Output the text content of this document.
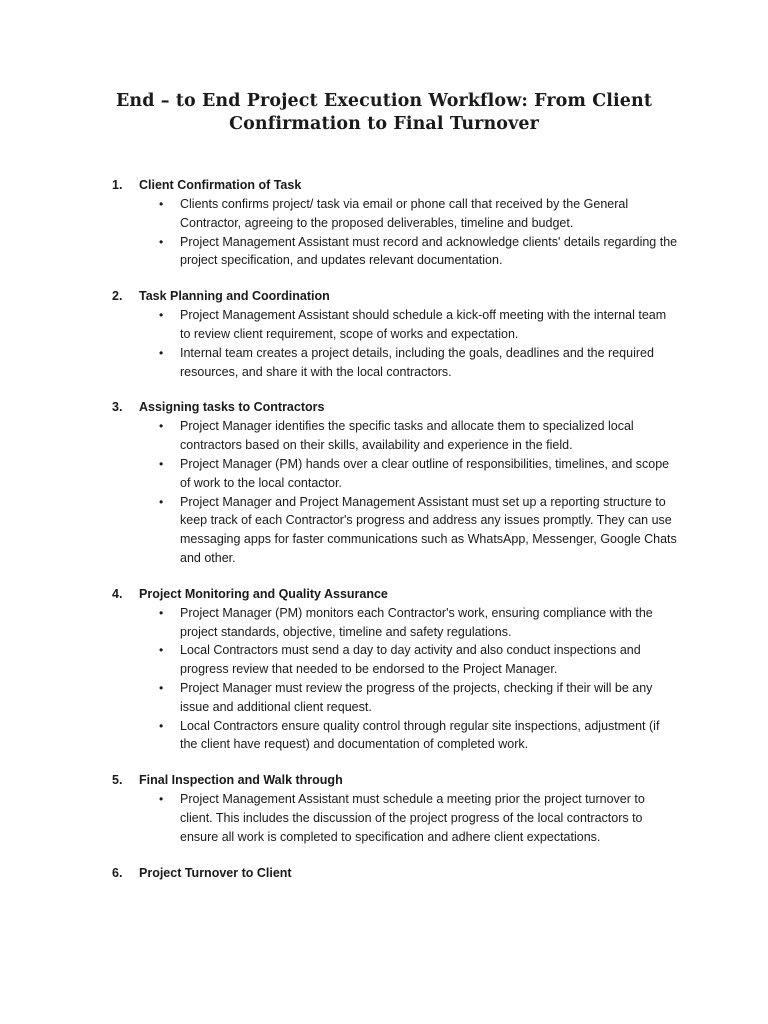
End – to End Project Execution Workflow: From Client
Confirmation to Final Turnover
1.	Client Confirmation of Task
• Clients confirms project/ task via email or phone call that received by the General Contractor, agreeing to the proposed deliverables, timeline and budget.
• Project Management Assistant must record and acknowledge clients' details regarding the project specification, and updates relevant documentation.
2.	Task Planning and Coordination
• Project Management Assistant should schedule a kick-off meeting with the internal team to review client requirement, scope of works and expectation.
• Internal team creates a project details, including the goals, deadlines and the required resources, and share it with the local contractors.
3.	Assigning tasks to Contractors
• Project Manager identifies the specific tasks and allocate them to specialized local contractors based on their skills, availability and experience in the field.
• Project Manager (PM) hands over a clear outline of responsibilities, timelines, and scope of work to the local contactor.
• Project Manager and Project Management Assistant must set up a reporting structure to keep track of each Contractor's progress and address any issues promptly. They can use messaging apps for faster communications such as WhatsApp, Messenger, Google Chats and other.
4.	Project Monitoring and Quality Assurance
• Project Manager (PM) monitors each Contractor's work, ensuring compliance with the project standards, objective, timeline and safety regulations.
• Local Contractors must send a day to day activity and also conduct inspections and progress review that needed to be endorsed to the Project Manager.
• Project Manager must review the progress of the projects, checking if their will be any issue and additional client request.
• Local Contractors ensure quality control through regular site inspections, adjustment (if the client have request) and documentation of completed work.
5.	Final Inspection and Walk through
• Project Management Assistant must schedule a meeting prior the project turnover to client. This includes the discussion of the project progress of the local contractors to ensure all work is completed to specification and adhere client expectations.
6.	Project Turnover to Client
